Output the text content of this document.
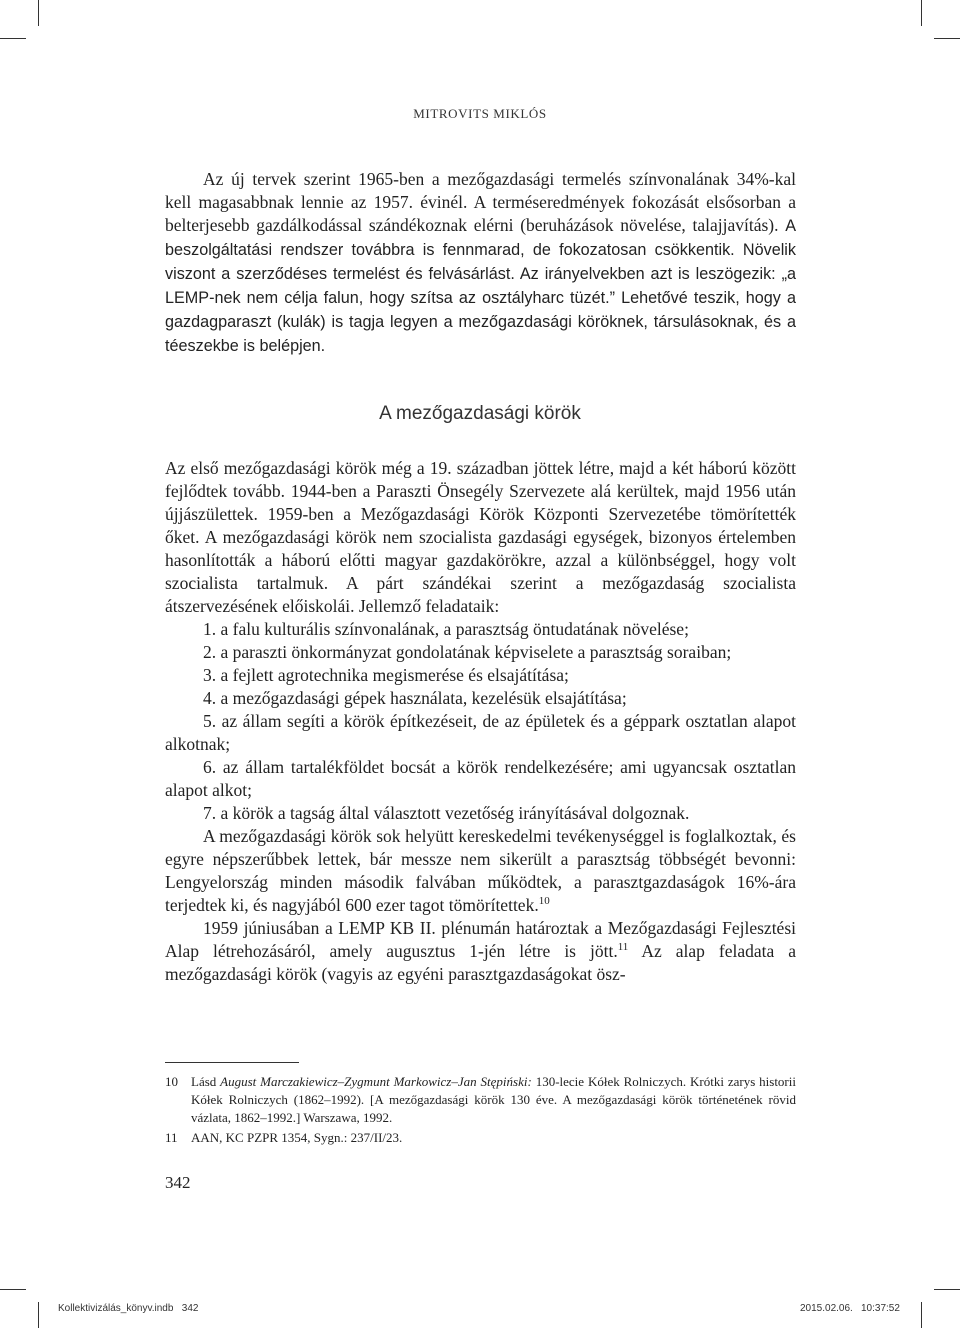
MITROVITS MIKLÓS

Az új tervek szerint 1965-ben a mezőgazdasági termelés színvonalának 34%-kal kell magasabbnak lennie az 1957. évinél. A terméseredmények fokozását elsősorban a belterjesebb gazdálkodással szándékoznak elérni (beruházások növelése, talajjavítás). A beszolgáltatási rendszer továbbra is fennmarad, de fokozatosan csökkentik. Növelik viszont a szerződéses termelést és felvásárlást. Az irányelvekben azt is leszögezik: „a LEMP-nek nem célja falun, hogy szítsa az osztályharc tüzét.” Lehetővé teszik, hogy a gazdagparaszt (kulák) is tagja legyen a mezőgazdasági köröknek, társulásoknak, és a téeszekbe is belépjen.

A mezőgazdasági körök

Az első mezőgazdasági körök még a 19. században jöttek létre, majd a két háború között fejlődtek tovább. 1944-ben a Paraszti Önsegély Szervezete alá kerültek, majd 1956 után újjászülettek. 1959-ben a Mezőgazdasági Körök Központi Szervezetébe tömörítették őket. A mezőgazdasági körök nem szocialista gazdasági egységek, bizonyos értelemben hasonlították a háború előtti magyar gazdakörökre, azzal a különbséggel, hogy volt szocialista tartalmuk. A párt szándékai szerint a mezőgazdaság szocialista átszervezésének előiskolái. Jellemző feladataik:

1. a falu kulturális színvonalának, a parasztság öntudatának növelése;

2. a paraszti önkormányzat gondolatának képviselete a parasztság soraiban;

3. a fejlett agrotechnika megismerése és elsajátítása;

4. a mezőgazdasági gépek használata, kezelésük elsajátítása;

5. az állam segíti a körök építkezéseit, de az épületek és a géppark osztatlan alapot alkotnak;

6. az állam tartalékföldet bocsát a körök rendelkezésére; ami ugyancsak osztatlan alapot alkot;

7. a körök a tagság által választott vezetőség irányításával dolgoznak.

A mezőgazdasági körök sok helyütt kereskedelmi tevékenységgel is foglalkoztak, és egyre népszerűbbek lettek, bár messze nem sikerült a parasztság többségét bevonni: Lengyelország minden második falvában működtek, a parasztgazdaságok 16%-ára terjedtek ki, és nagyjából 600 ezer tagot tömörítettek.$^{10}$

1959 júniusában a LEMP KB II. plénumán határoztak a Mezőgazdasági Fejlesztési Alap létrehozásáról, amely augusztus 1-jén létre is jött.$^{11}$ Az alap feladata a mezőgazdasági körök (vagyis az egyéni parasztgazdaságokat ösz-

10 Lásd August Marczakiewicz–Zygmunt Markowicz–Jan Stępiński: 130-lecie Kółek Rolniczych. Krótki zarys historii Kółek Rolniczych (1862–1992). [A mezőgazdasági körök 130 éve. A mezőgazdasági körök történetének rövid vázlata, 1862–1992.] Warszawa, 1992.
11 AAN, KC PZPR 1354, Sygn.: 237/II/23.
342
Kollektivizálás_könyv.indb   342	2015.02.06. 10:37:52
